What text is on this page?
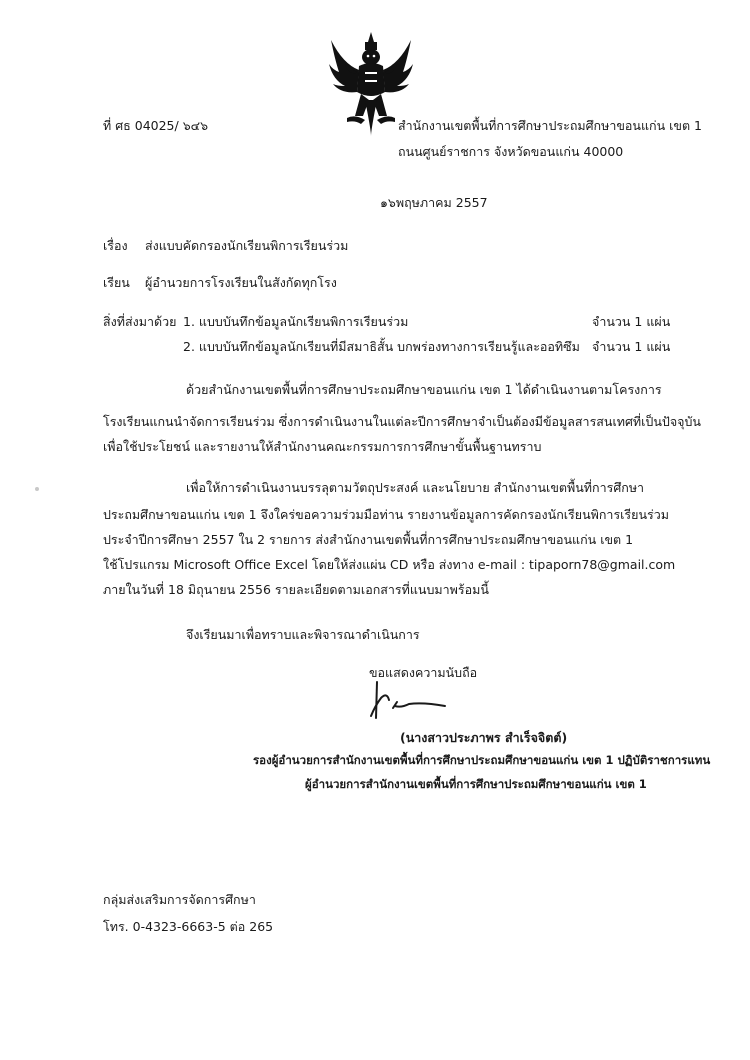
ที่ ศธ 04025/ ๖๔๖	สำนักงานเขตพื้นที่การศึกษาประถมศึกษาขอนแก่น เขต 1
ถนนศูนย์ราชการ จังหวัดขอนแก่น 40000
๑๖พฤษภาคม 2557
เรื่อง ส่งแบบคัดกรองนักเรียนพิการเรียนร่วม
เรียน ผู้อำนวยการโรงเรียนในสังกัดทุกโรง
สิ่งที่ส่งมาด้วย 1. แบบบันทึกข้อมูลนักเรียนพิการเรียนร่วม	จำนวน 1 แผ่น
2. แบบบันทึกข้อมูลนักเรียนที่มีสมาธิสั้น บกพร่องทางการเรียนรู้และออทิซึม จำนวน 1 แผ่น
ด้วยสำนักงานเขตพื้นที่การศึกษาประถมศึกษาขอนแก่น เขต 1 ได้ดำเนินงานตามโครงการ
โรงเรียนแกนนำจัดการเรียนร่วม ซึ่งการดำเนินงานในแต่ละปีการศึกษาจำเป็นต้องมีข้อมูลสารสนเทศที่เป็นปัจจุบัน
เพื่อใช้ประโยชน์ และรายงานให้สำนักงานคณะกรรมการการศึกษาขั้นพื้นฐานทราบ
เพื่อให้การดำเนินงานบรรลุตามวัตถุประสงค์ และนโยบาย สำนักงานเขตพื้นที่การศึกษา
ประถมศึกษาขอนแก่น เขต 1 จึงใคร่ขอความร่วมมือท่าน รายงานข้อมูลการคัดกรองนักเรียนพิการเรียนร่วม
ประจำปีการศึกษา 2557 ใน 2 รายการ ส่งสำนักงานเขตพื้นที่การศึกษาประถมศึกษาขอนแก่น เขต 1
ใช้โปรแกรม Microsoft Office Excel โดยให้ส่งแผ่น CD หรือ ส่งทาง e-mail : tipaporn78@gmail.com
ภายในวันที่ 18 มิถุนายน 2556 รายละเอียดตามเอกสารที่แนบมาพร้อมนี้
จึงเรียนมาเพื่อทราบและพิจารณาดำเนินการ
ขอแสดงความนับถือ
(นางสาวประภาพร สำเร็จจิตต์)
รองผู้อำนวยการสำนักงานเขตพื้นที่การศึกษาประถมศึกษาขอนแก่น เขต 1 ปฏิบัติราชการแทน
ผู้อำนวยการสำนักงานเขตพื้นที่การศึกษาประถมศึกษาขอนแก่น เขต 1
กลุ่มส่งเสริมการจัดการศึกษา
โทร. 0-4323-6663-5 ต่อ 265
